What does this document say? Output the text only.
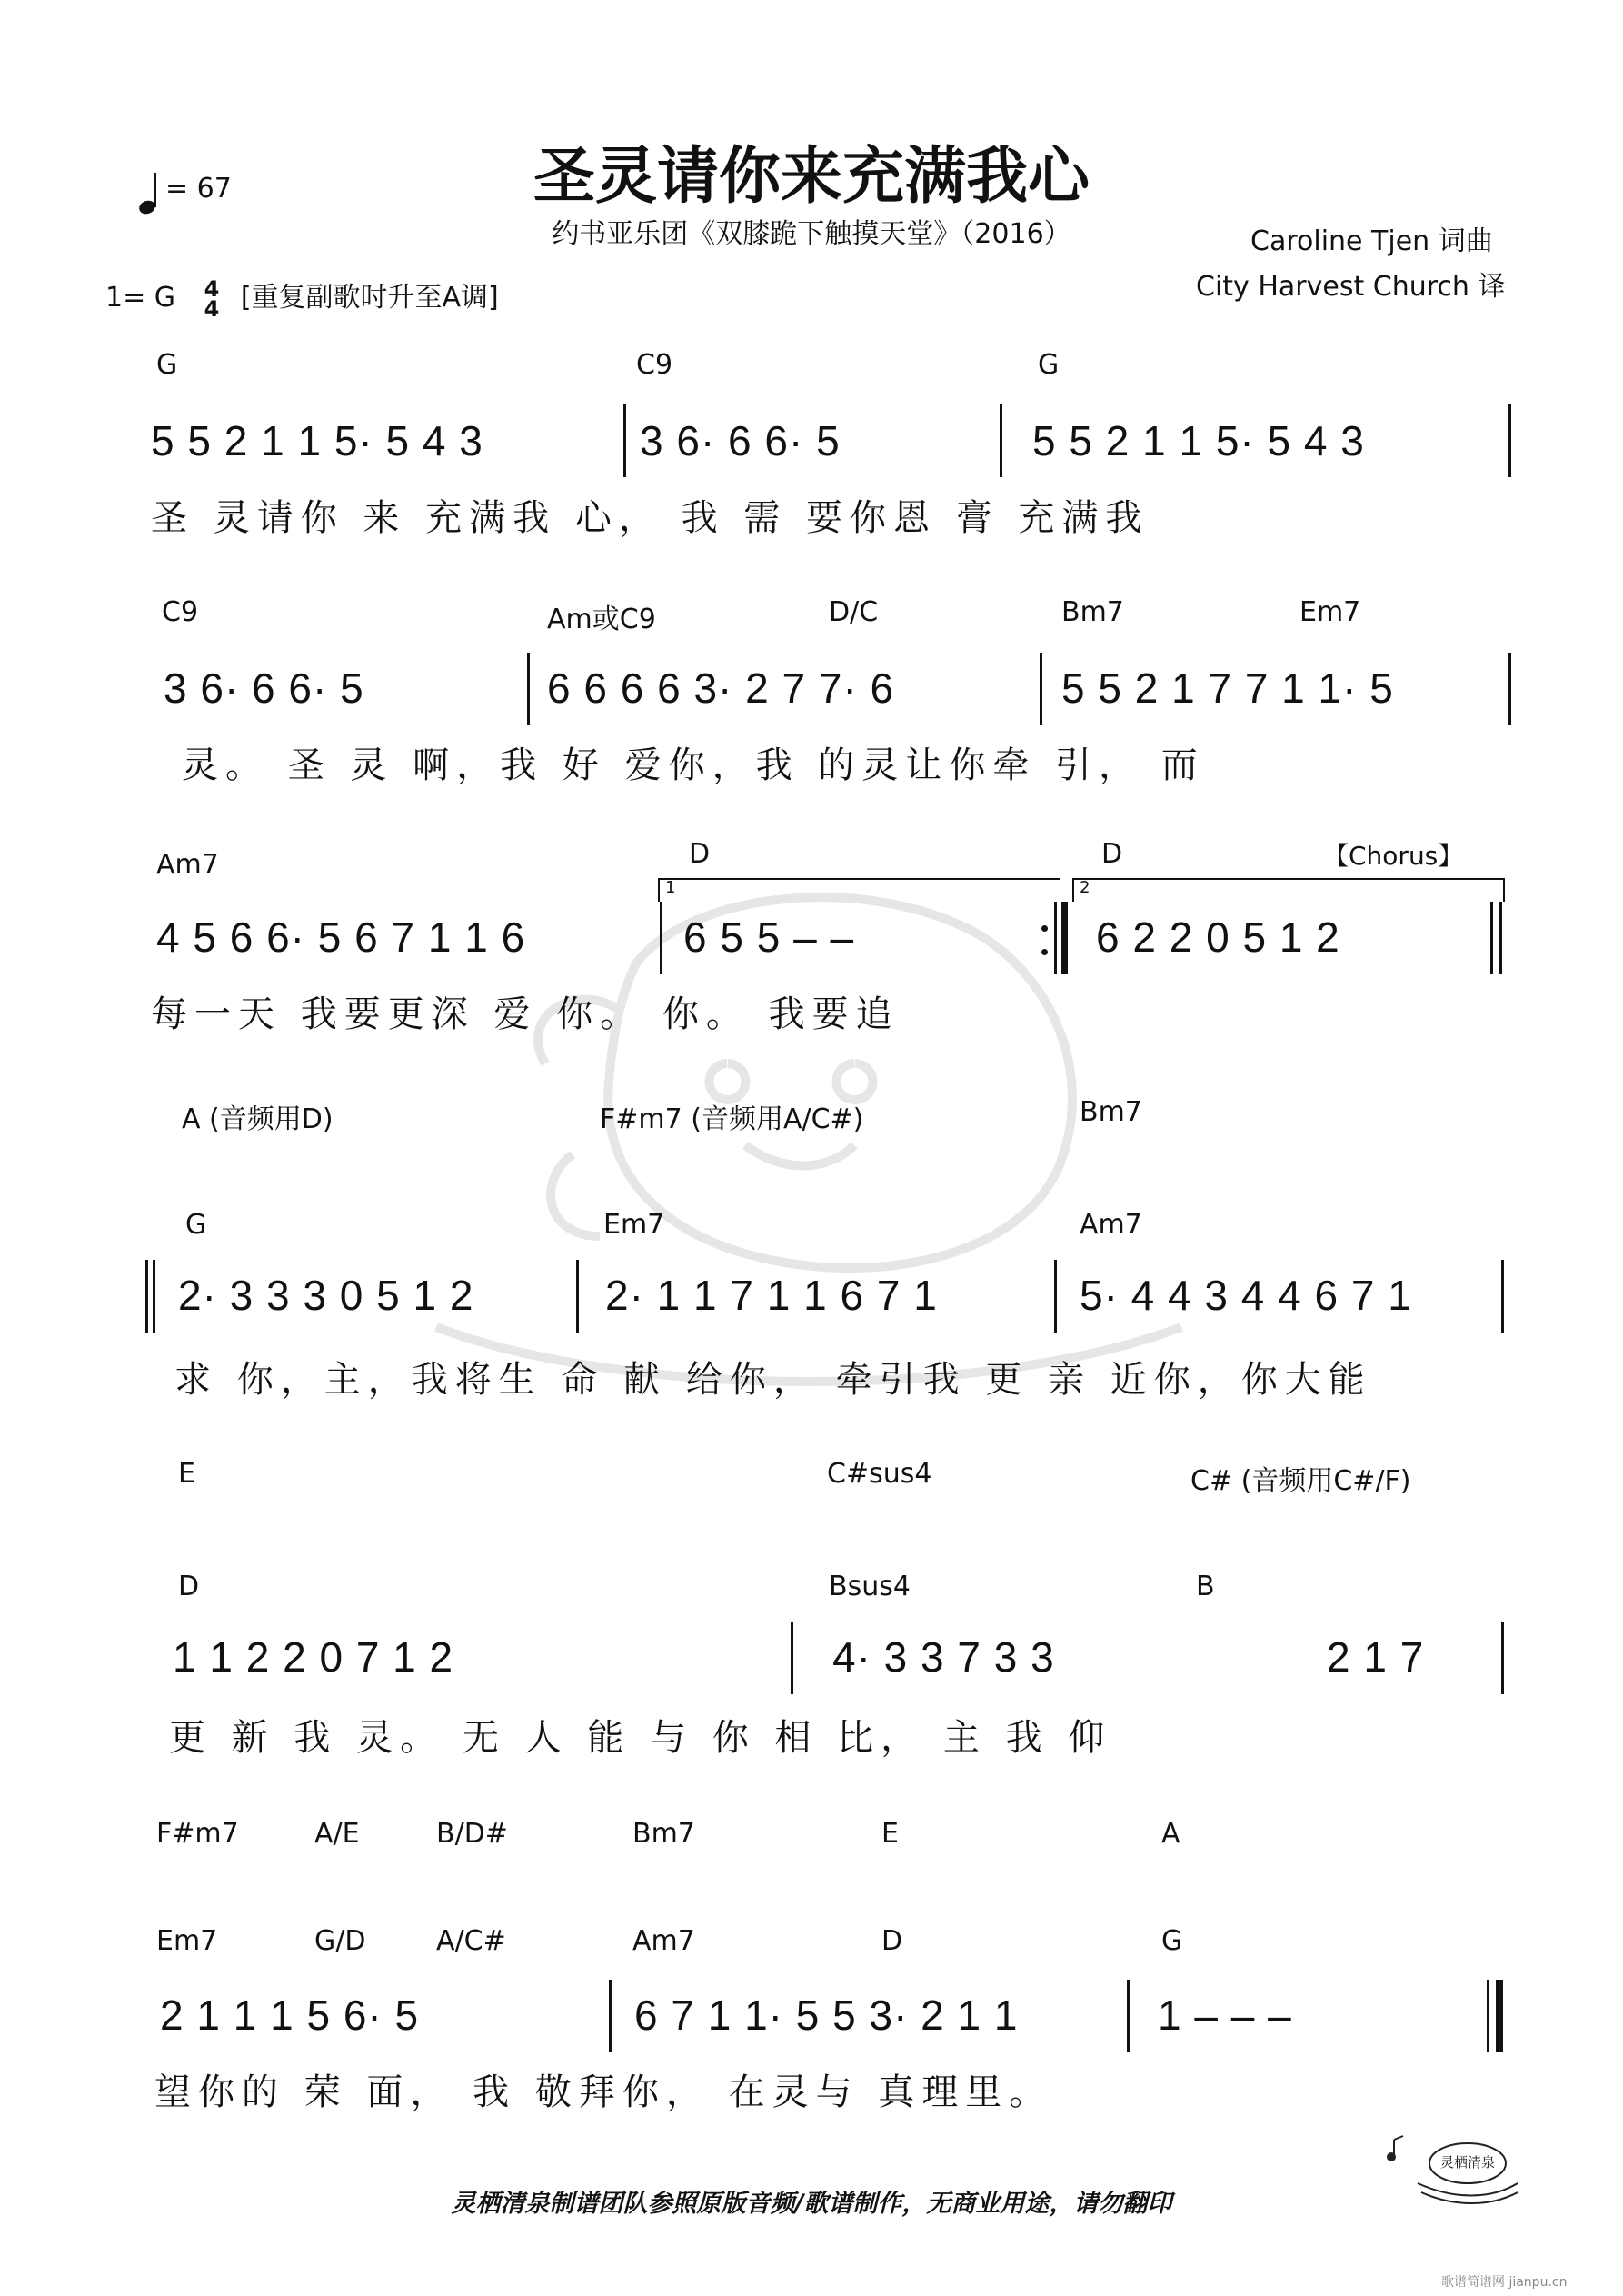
= 67	圣灵请你来充满我心
约书亚乐团《双膝跪下触摸天堂》（2016）	Caroline Tjen 词曲
City Harvest Church 译
1= G 4
4 [重复副歌时升至A调]
G	C9	G
5 5 2 1 1 5· 5 4 3	3 6· 6 6· 5	5 5 2 1 1 5· 5 4 3
圣 灵请你 来 充满我 心， 我 需 要你恩 膏 充满我
C9	Am或C9	D/C	Bm7	Em7
3 6· 6 6· 5	6 6 6 6 3· 2 7 7· 6	5 5 2 1 7 7 1 1· 5
灵。 圣 灵 啊，我 好 爱你，我 的灵让你牵 引， 而
Am7	D	D	【Chorus】
1	2
4 5 6 6· 5 6 7 1 1 6	6 5 5 – –	6 2 2 0 5 1 2
每一天 我要更深 爱 你。 你。 我要追
A (音频用D)	F#m7 (音频用A/C#)	Bm7
G	Em7	Am7
2· 3 3 3 0 5 1 2	2· 1 1 7 1 1 6 7 1	5· 4 4 3 4 4 6 7 1
求 你，主，我将生 命 献 给你， 牵引我 更 亲 近你，你大能
E	C#sus4	C# (音频用C#/F)
D	Bsus4	B
1 1 2 2 0 7 1 2	4· 3 3 7 3 3	2 1 7
更 新 我 灵。 无 人 能 与 你 相 比， 主 我 仰
F#m7	A/E	B/D#	Bm7	E	A
Em7	G/D	A/C#	Am7	D	G
2 1 1 1 5 6· 5	6 7 1 1· 5 5 3· 2 1 1	1 – – –
望你的 荣 面， 我 敬拜你， 在灵与 真理里。
灵栖清泉制谱团队参照原版音频/歌谱制作，无商业用途，请勿翻印
灵栖清泉
歌谱简谱网 jianpu.cn
